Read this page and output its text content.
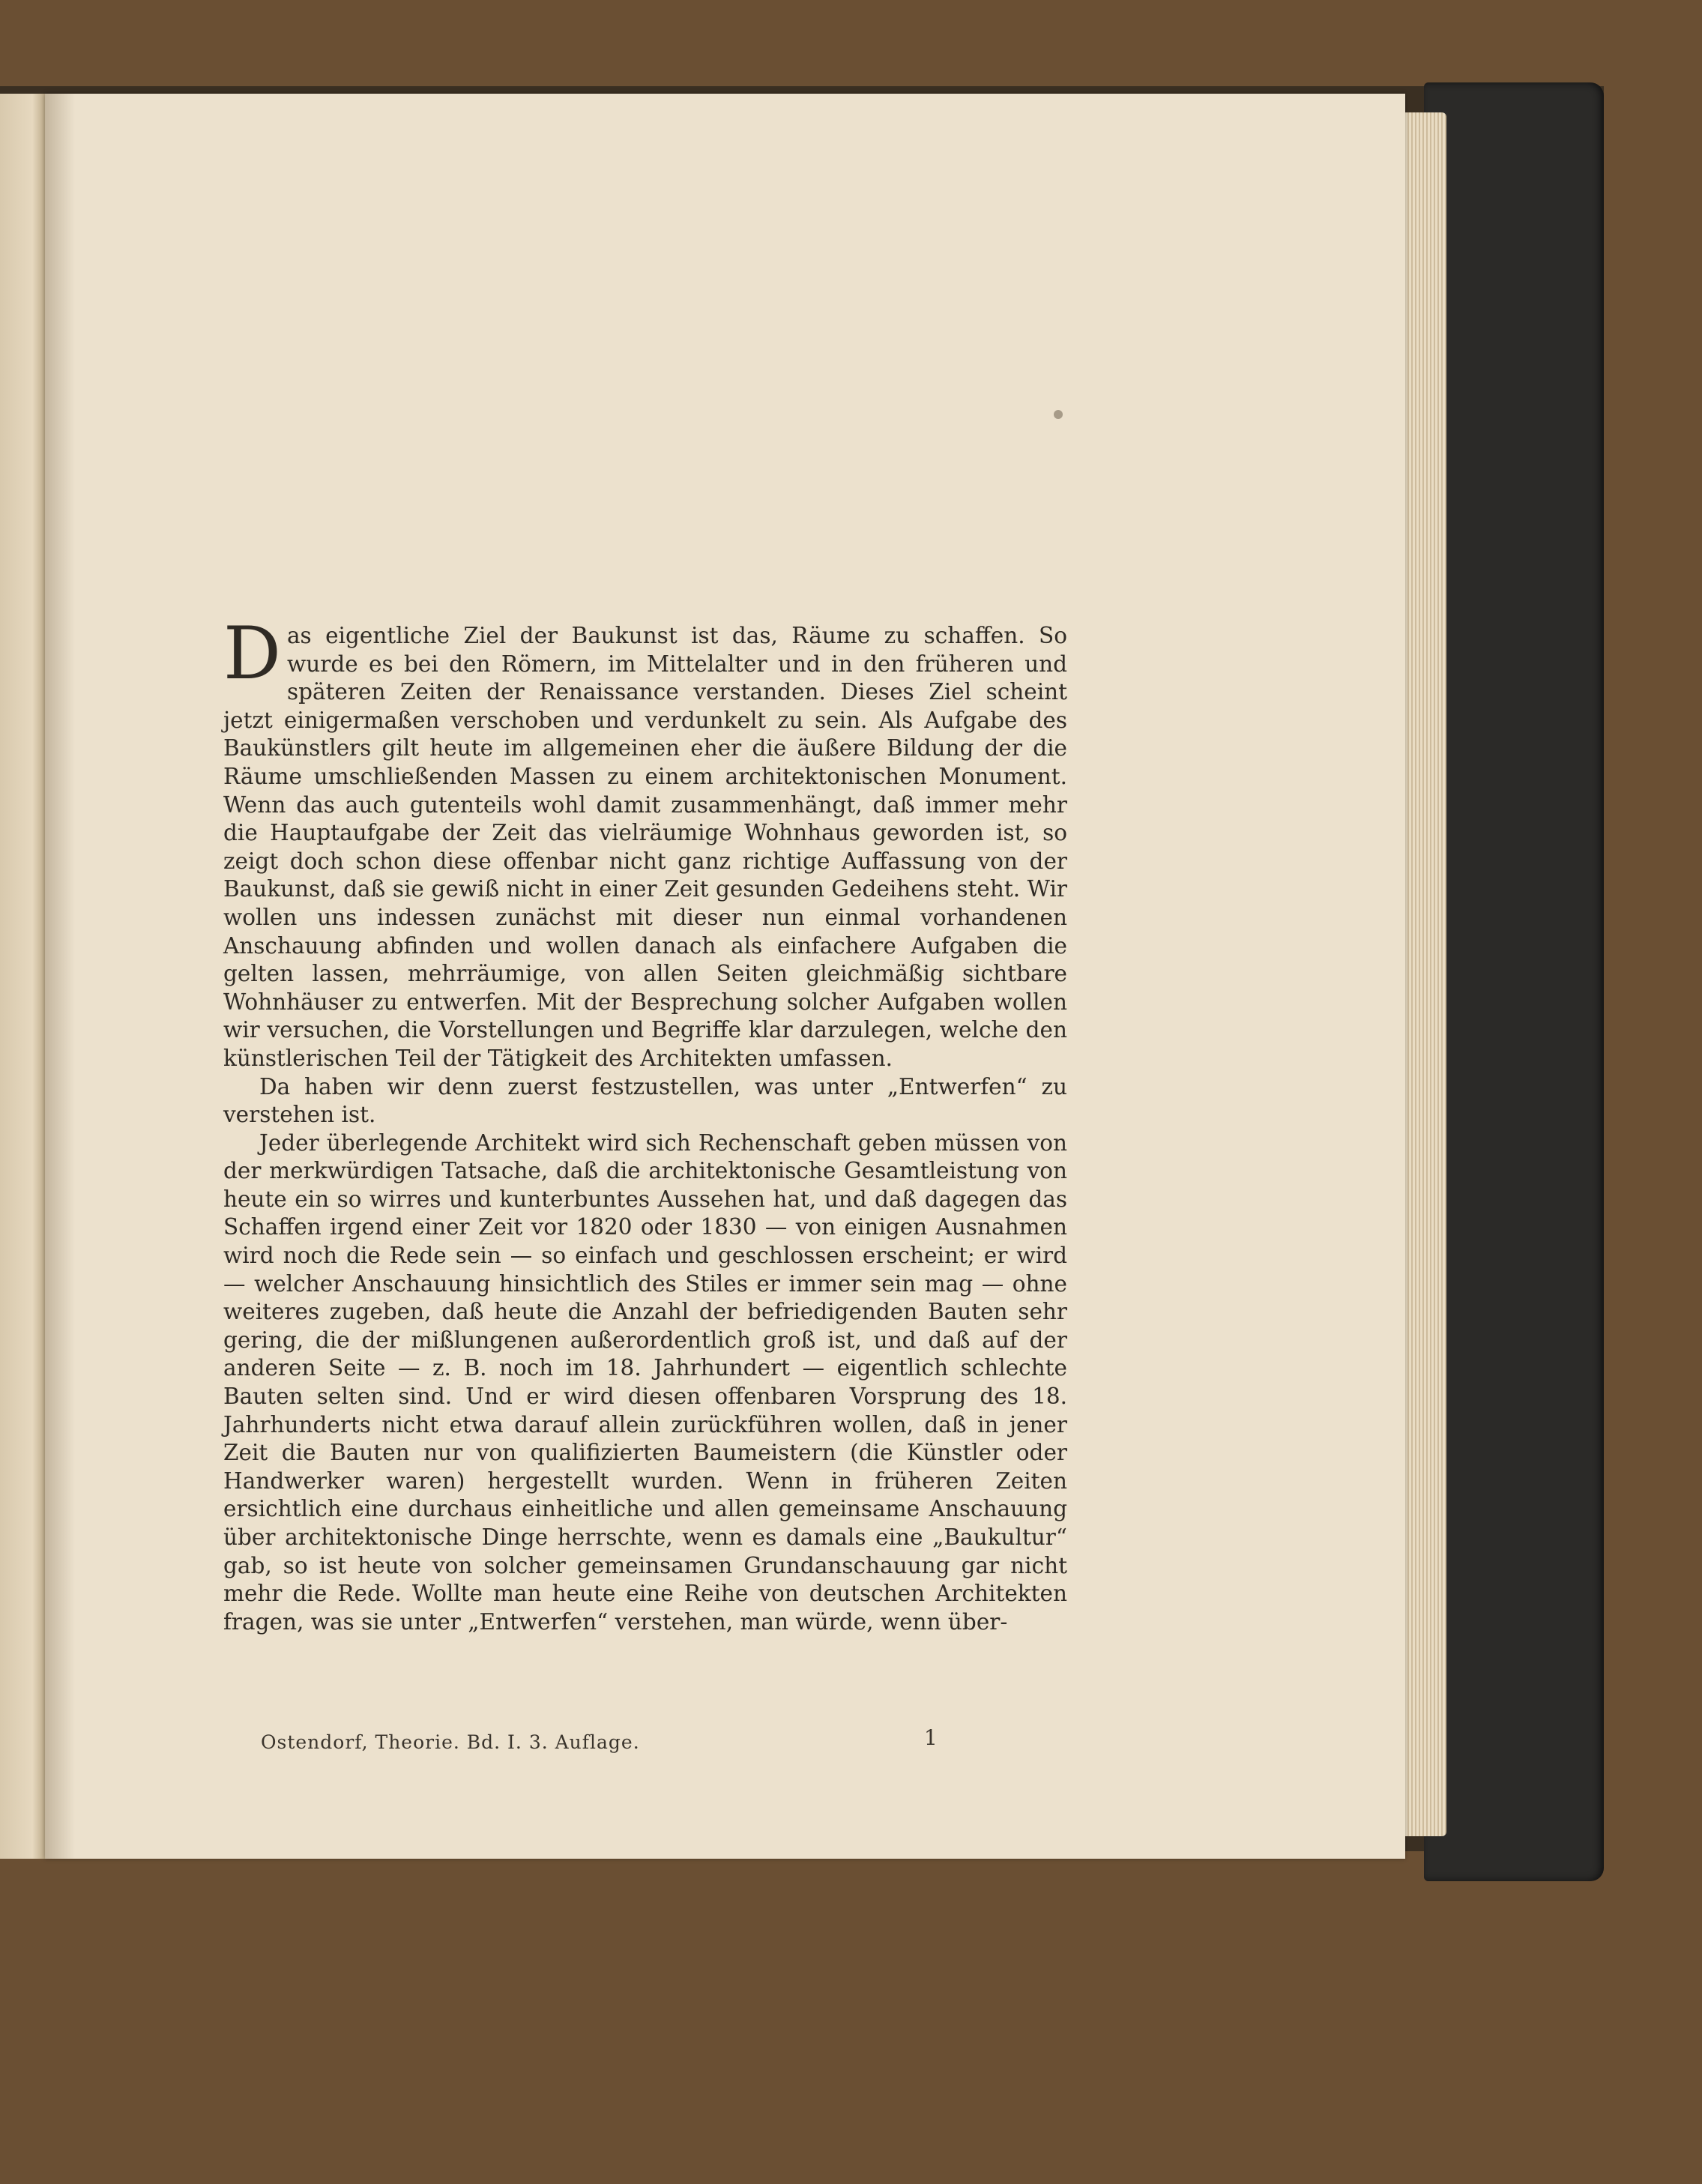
Das eigentliche Ziel der Baukunst ist das, Räume zu schaffen. So wurde es bei den Römern, im Mittelalter und in den früheren und späteren Zeiten der Renaissance verstanden. Dieses Ziel scheint jetzt einigermaßen verschoben und verdunkelt zu sein. Als Aufgabe des Baukünstlers gilt heute im allgemeinen eher die äußere Bildung der die Räume umschließenden Massen zu einem architektonischen Monument. Wenn das auch gutenteils wohl damit zusammenhängt, daß immer mehr die Hauptaufgabe der Zeit das vielräumige Wohnhaus geworden ist, so zeigt doch schon diese offenbar nicht ganz richtige Auffassung von der Baukunst, daß sie gewiß nicht in einer Zeit gesunden Gedeihens steht. Wir wollen uns indessen zunächst mit dieser nun einmal vorhandenen Anschauung abfinden und wollen danach als einfachere Aufgaben die gelten lassen, mehrräumige, von allen Seiten gleichmäßig sichtbare Wohnhäuser zu entwerfen. Mit der Besprechung solcher Aufgaben wollen wir versuchen, die Vorstellungen und Begriffe klar darzulegen, welche den künstlerischen Teil der Tätigkeit des Architekten umfassen.

Da haben wir denn zuerst festzustellen, was unter „Entwerfen“ zu verstehen ist.

Jeder überlegende Architekt wird sich Rechenschaft geben müssen von der merkwürdigen Tatsache, daß die architektonische Gesamtleistung von heute ein so wirres und kunterbuntes Aussehen hat, und daß dagegen das Schaffen irgend einer Zeit vor 1820 oder 1830 — von einigen Ausnahmen wird noch die Rede sein — so einfach und geschlossen erscheint; er wird — welcher Anschauung hinsichtlich des Stiles er immer sein mag — ohne weiteres zugeben, daß heute die Anzahl der befriedigenden Bauten sehr gering, die der mißlungenen außerordentlich groß ist, und daß auf der anderen Seite — z. B. noch im 18. Jahrhundert — eigentlich schlechte Bauten selten sind. Und er wird diesen offenbaren Vorsprung des 18. Jahrhunderts nicht etwa darauf allein zurückführen wollen, daß in jener Zeit die Bauten nur von qualifizierten Baumeistern (die Künstler oder Handwerker waren) hergestellt wurden. Wenn in früheren Zeiten ersichtlich eine durchaus einheitliche und allen gemeinsame Anschauung über architektonische Dinge herrschte, wenn es damals eine „Baukultur“ gab, so ist heute von solcher gemeinsamen Grundanschauung gar nicht mehr die Rede. Wollte man heute eine Reihe von deutschen Architekten fragen, was sie unter „Entwerfen“ verstehen, man würde, wenn über-

Ostendorf, Theorie. Bd. I. 3. Auflage.	1
